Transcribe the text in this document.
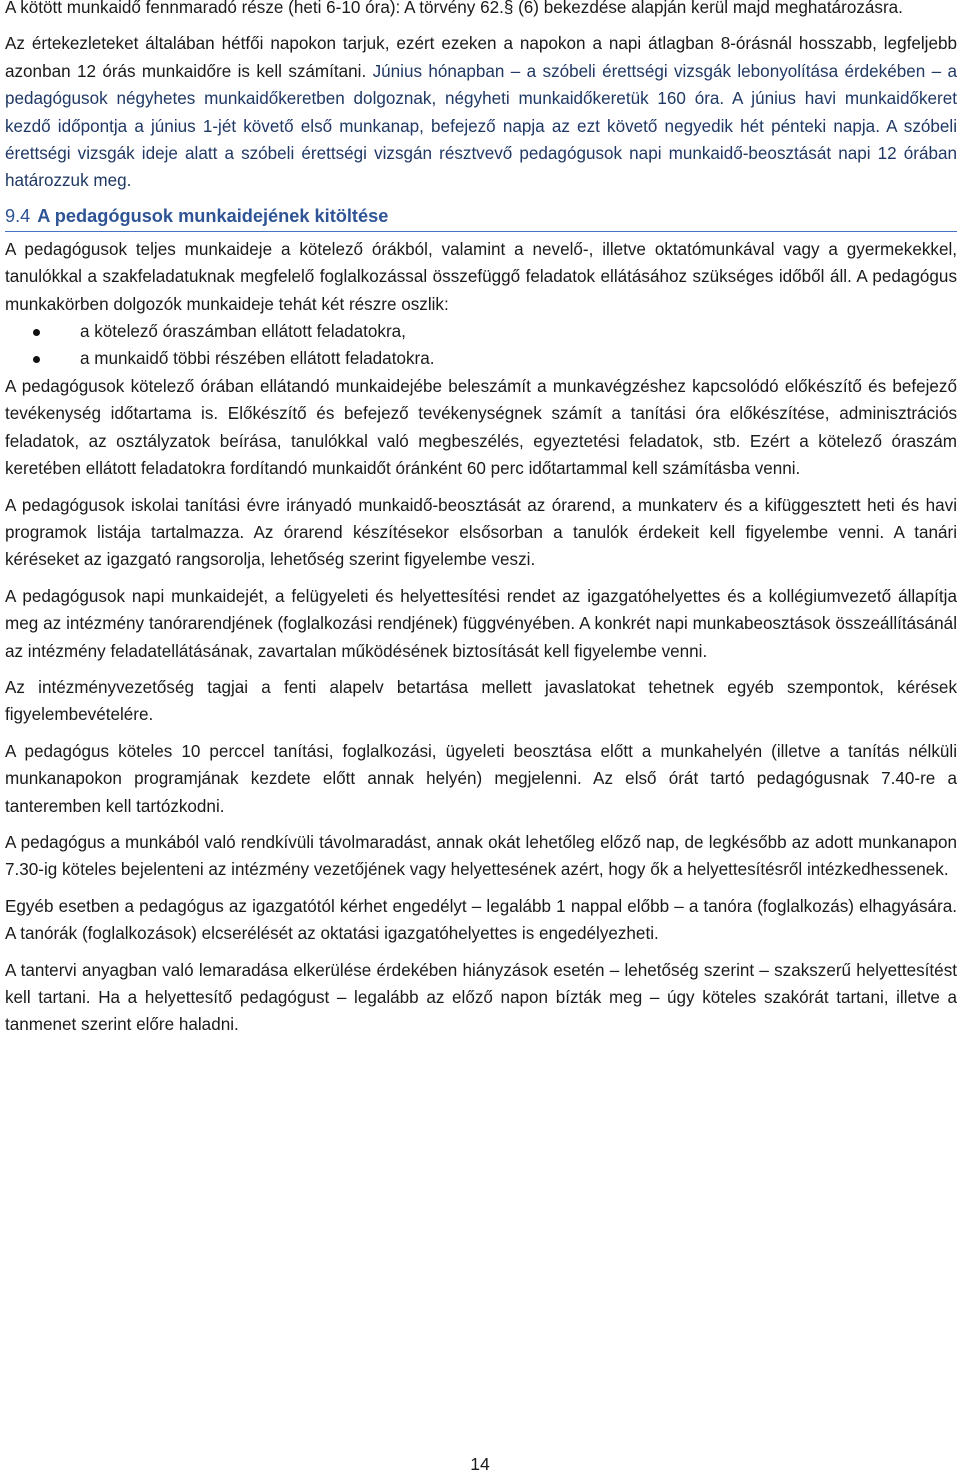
A kötött munkaidő fennmaradó része (heti 6-10 óra): A törvény 62.§ (6) bekezdése alapján kerül majd meghatározásra.

Az értekezleteket általában hétfői napokon tarjuk, ezért ezeken a napokon a napi átlagban 8-órásnál hosszabb, legfeljebb azonban 12 órás munkaidőre is kell számítani. Június hónapban – a szóbeli érettségi vizsgák lebonyolítása érdekében – a pedagógusok négyhetes munkaidőkeretben dolgoznak, négyheti munkaidőkeretük 160 óra. A június havi munkaidőkeret kezdő időpontja a június 1-jét követő első munkanap, befejező napja az ezt követő negyedik hét pénteki napja. A szóbeli érettségi vizsgák ideje alatt a szóbeli érettségi vizsgán résztvevő pedagógusok napi munkaidő-beosztását napi 12 órában határozzuk meg.

9.4 A pedagógusok munkaidejének kitöltése

A pedagógusok teljes munkaideje a kötelező órákból, valamint a nevelő-, illetve oktatómunkával vagy a gyermekekkel, tanulókkal a szakfeladatuknak megfelelő foglalkozással összefüggő feladatok ellátásához szükséges időből áll. A pedagógus munkakörben dolgozók munkaideje tehát két részre oszlik:

a kötelező óraszámban ellátott feladatokra,
a munkaidő többi részében ellátott feladatokra.

A pedagógusok kötelező órában ellátandó munkaidejébe beleszámít a munkavégzéshez kapcsolódó előkészítő és befejező tevékenység időtartama is. Előkészítő és befejező tevékenységnek számít a tanítási óra előkészítése, adminisztrációs feladatok, az osztályzatok beírása, tanulókkal való megbeszélés, egyeztetési feladatok, stb. Ezért a kötelező óraszám keretében ellátott feladatokra fordítandó munkaidőt óránként 60 perc időtartammal kell számításba venni.

A pedagógusok iskolai tanítási évre irányadó munkaidő-beosztását az órarend, a munkaterv és a kifüggesztett heti és havi programok listája tartalmazza. Az órarend készítésekor elsősorban a tanulók érdekeit kell figyelembe venni. A tanári kéréseket az igazgató rangsorolja, lehetőség szerint figyelembe veszi.

A pedagógusok napi munkaidejét, a felügyeleti és helyettesítési rendet az igazgatóhelyettes és a kollégiumvezető állapítja meg az intézmény tanórarendjének (foglalkozási rendjének) függvényében. A konkrét napi munkabeosztások összeállításánál az intézmény feladatellátásának, zavartalan működésének biztosítását kell figyelembe venni.

Az intézményvezetőség tagjai a fenti alapelv betartása mellett javaslatokat tehetnek egyéb szempontok, kérések figyelembevételére.

A pedagógus köteles 10 perccel tanítási, foglalkozási, ügyeleti beosztása előtt a munkahelyén (illetve a tanítás nélküli munkanapokon programjának kezdete előtt annak helyén) megjelenni. Az első órát tartó pedagógusnak 7.40-re a tanteremben kell tartózkodni.

A pedagógus a munkából való rendkívüli távolmaradást, annak okát lehetőleg előző nap, de legkésőbb az adott munkanapon 7.30-ig köteles bejelenteni az intézmény vezetőjének vagy helyettesének azért, hogy ők a helyettesítésről intézkedhessenek.

Egyéb esetben a pedagógus az igazgatótól kérhet engedélyt – legalább 1 nappal előbb – a tanóra (foglalkozás) elhagyására. A tanórák (foglalkozások) elcserélését az oktatási igazgatóhelyettes is engedélyezheti.

A tantervi anyagban való lemaradása elkerülése érdekében hiányzások esetén – lehetőség szerint – szakszerű helyettesítést kell tartani. Ha a helyettesítő pedagógust – legalább az előző napon bízták meg – úgy köteles szakórát tartani, illetve a tanmenet szerint előre haladni.

14
